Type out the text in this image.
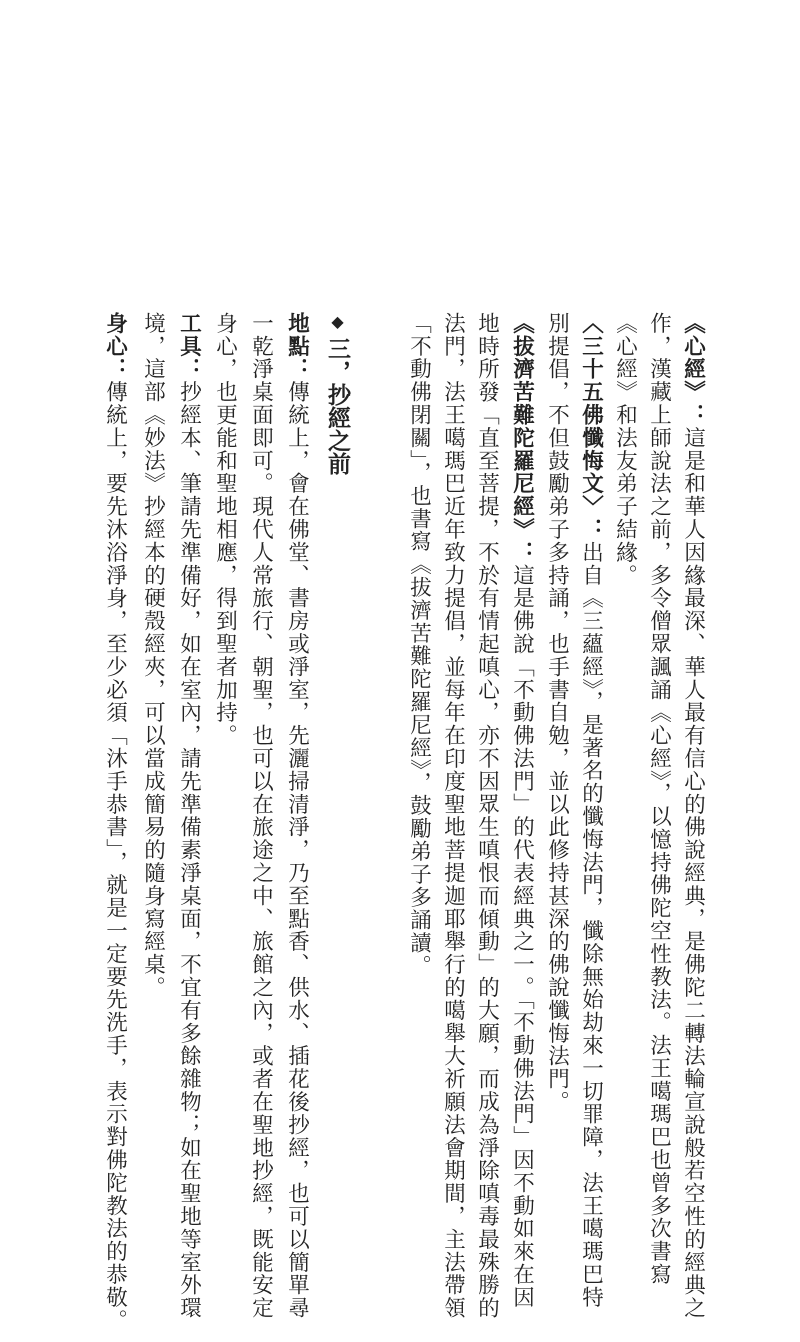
《心經》：這是和華人因緣最深、華人最有信心的佛說經典，是佛陀二轉法輪宣說般若空性的經典之

作，漢藏上師說法之前，多令僧眾諷誦《心經》，以憶持佛陀空性教法。法王噶瑪巴也曾多次書寫

《心經》和法友弟子結緣。

〈三十五佛懺悔文〉：出自《三蘊經》，是著名的懺悔法門，懺除無始劫來一切罪障，法王噶瑪巴特

別提倡，不但鼓勵弟子多持誦，也手書自勉，並以此修持甚深的佛說懺悔法門。

《拔濟苦難陀羅尼經》：這是佛說「不動佛法門」的代表經典之一。「不動佛法門」因不動如來在因

地時所發「直至菩提，不於有情起嗔心，亦不因眾生嗔恨而傾動」的大願，而成為淨除嗔毒最殊勝的

法門，法王噶瑪巴近年致力提倡，並每年在印度聖地菩提迦耶舉行的噶舉大祈願法會期間，主法帶領

「不動佛閉關」，也書寫《拔濟苦難陀羅尼經》，鼓勵弟子多誦讀。

◆三，抄經之前

地點：傳統上，會在佛堂、書房或淨室，先灑掃清淨，乃至點香、供水、插花後抄經，也可以簡單尋

一乾淨桌面即可。現代人常旅行、朝聖，也可以在旅途之中、旅館之內，或者在聖地抄經，既能安定

身心，也更能和聖地相應，得到聖者加持。

工具：抄經本、筆請先準備好，如在室內，請先準備素淨桌面，不宜有多餘雜物；如在聖地等室外環

境，這部《妙法》抄經本的硬殼經夾，可以當成簡易的隨身寫經桌。

身心：傳統上，要先沐浴淨身，至少必須「沐手恭書」，就是一定要先洗手，表示對佛陀教法的恭敬。
